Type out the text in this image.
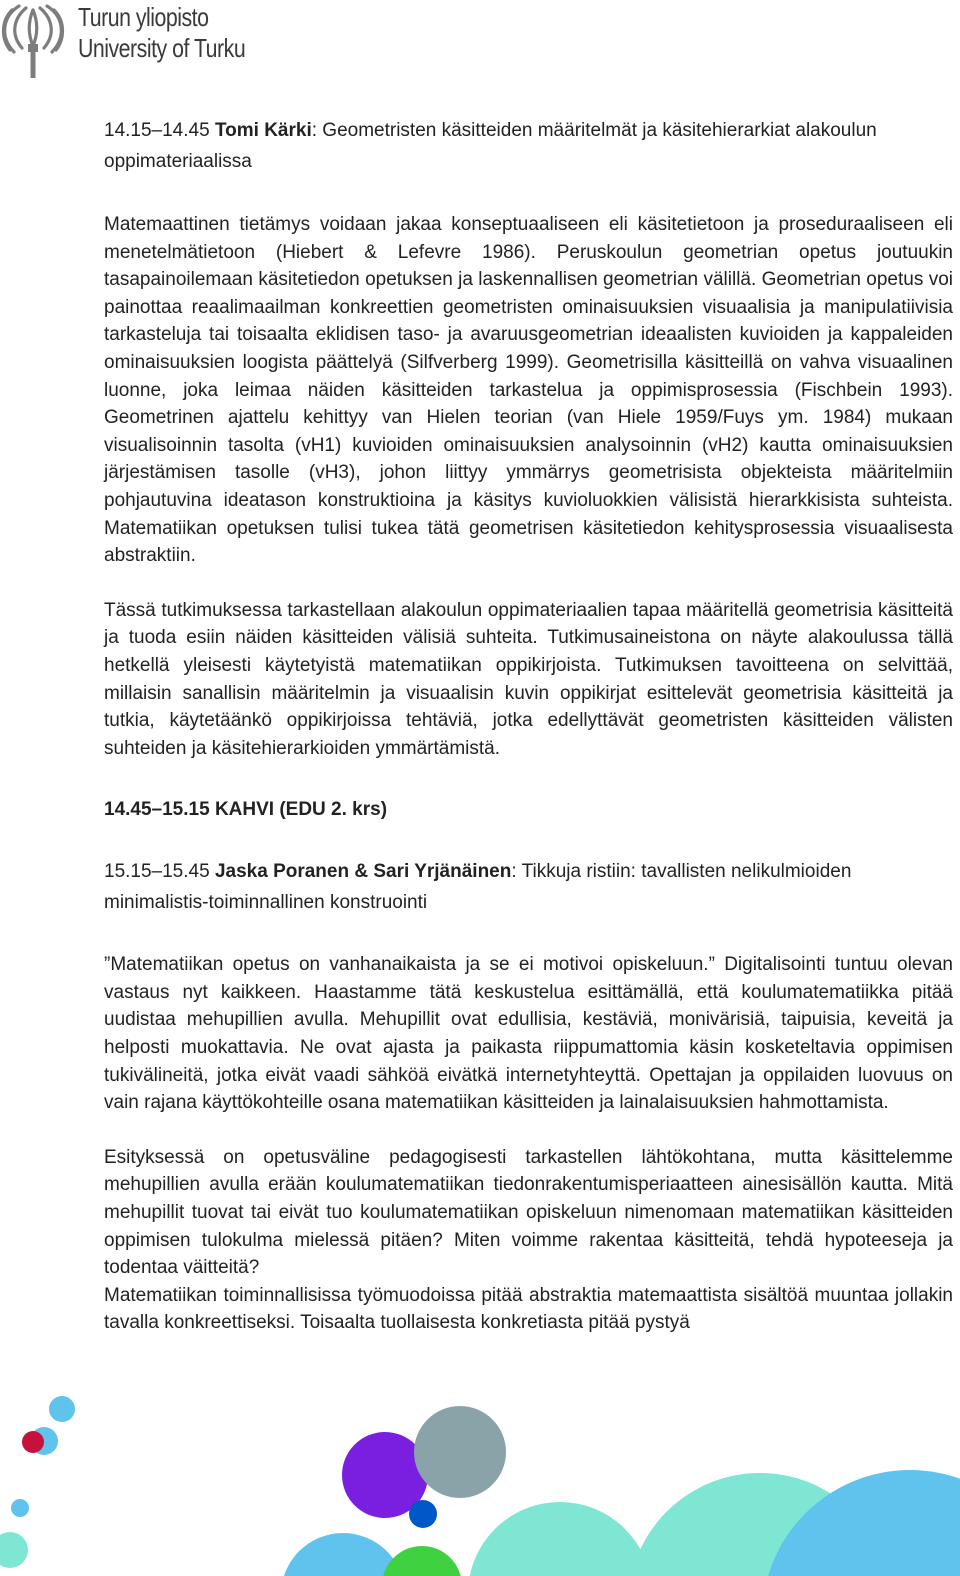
Turun yliopisto
University of Turku

14.15–14.45 Tomi Kärki: Geometristen käsitteiden määritelmät ja käsitehierarkiat alakoulun oppimateriaalissa

Matemaattinen tietämys voidaan jakaa konseptuaaliseen eli käsitetietoon ja proseduraaliseen eli menetelmätietoon (Hiebert & Lefevre 1986). Peruskoulun geometrian opetus joutuukin tasapainoilemaan käsitetiedon opetuksen ja laskennallisen geometrian välillä. Geometrian opetus voi painottaa reaalimaailman konkreettien geometristen ominaisuuksien visuaalisia ja manipulatiivisia tarkasteluja tai toisaalta eklidisen taso- ja avaruusgeometrian ideaalisten kuvioiden ja kappaleiden ominaisuuksien loogista päättelyä (Silfverberg 1999). Geometrisilla käsitteillä on vahva visuaalinen luonne, joka leimaa näiden käsitteiden tarkastelua ja oppimisprosessia (Fischbein 1993). Geometrinen ajattelu kehittyy van Hielen teorian (van Hiele 1959/Fuys ym. 1984) mukaan visualisoinnin tasolta (vH1) kuvioiden ominaisuuksien analysoinnin (vH2) kautta ominaisuuksien järjestämisen tasolle (vH3), johon liittyy ymmärrys geometrisista objekteista määritelmiin pohjautuvina ideatason konstruktioina ja käsitys kuvioluokkien välisistä hierarkkisista suhteista. Matematiikan opetuksen tulisi tukea tätä geometrisen käsitetiedon kehitysprosessia visuaalisesta abstraktiin.

Tässä tutkimuksessa tarkastellaan alakoulun oppimateriaalien tapaa määritellä geometrisia käsitteitä ja tuoda esiin näiden käsitteiden välisiä suhteita. Tutkimusaineistona on näyte alakoulussa tällä hetkellä yleisesti käytetyistä matematiikan oppikirjoista. Tutkimuksen tavoitteena on selvittää, millaisin sanallisin määritelmin ja visuaalisin kuvin oppikirjat esittelevät geometrisia käsitteitä ja tutkia, käytetäänkö oppikirjoissa tehtäviä, jotka edellyttävät geometristen käsitteiden välisten suhteiden ja käsitehierarkioiden ymmärtämistä.

14.45–15.15 KAHVI (EDU 2. krs)

15.15–15.45 Jaska Poranen & Sari Yrjänäinen: Tikkuja ristiin: tavallisten nelikulmioiden minimalistis-toiminnallinen konstruointi

”Matematiikan opetus on vanhanaikaista ja se ei motivoi opiskeluun.” Digitalisointi tuntuu olevan vastaus nyt kaikkeen. Haastamme tätä keskustelua esittämällä, että koulumatematiikka pitää uudistaa mehupillien avulla. Mehupillit ovat edullisia, kestäviä, monivärisiä, taipuisia, keveitä ja helposti muokattavia. Ne ovat ajasta ja paikasta riippumattomia käsin kosketeltavia oppimisen tukivälineitä, jotka eivät vaadi sähköä eivätkä internetyhteyttä. Opettajan ja oppilaiden luovuus on vain rajana käyttökohteille osana matematiikan käsitteiden ja lainalaisuuksien hahmottamista.

Esityksessä on opetusväline pedagogisesti tarkastellen lähtökohtana, mutta käsittelemme mehupillien avulla erään koulumatematiikan tiedonrakentumisperiaatteen ainesisällön kautta. Mitä mehupillit tuovat tai eivät tuo koulumatematiikan opiskeluun nimenomaan matematiikan käsitteiden oppimisen tulokulma mielessä pitäen? Miten voimme rakentaa käsitteitä, tehdä hypoteeseja ja todentaa väitteitä?

Matematiikan toiminnallisissa työmuodoissa pitää abstraktia matemaattista sisältöä muuntaa jollakin tavalla konkreettiseksi. Toisaalta tuollaisesta konkretiasta pitää pystyä
